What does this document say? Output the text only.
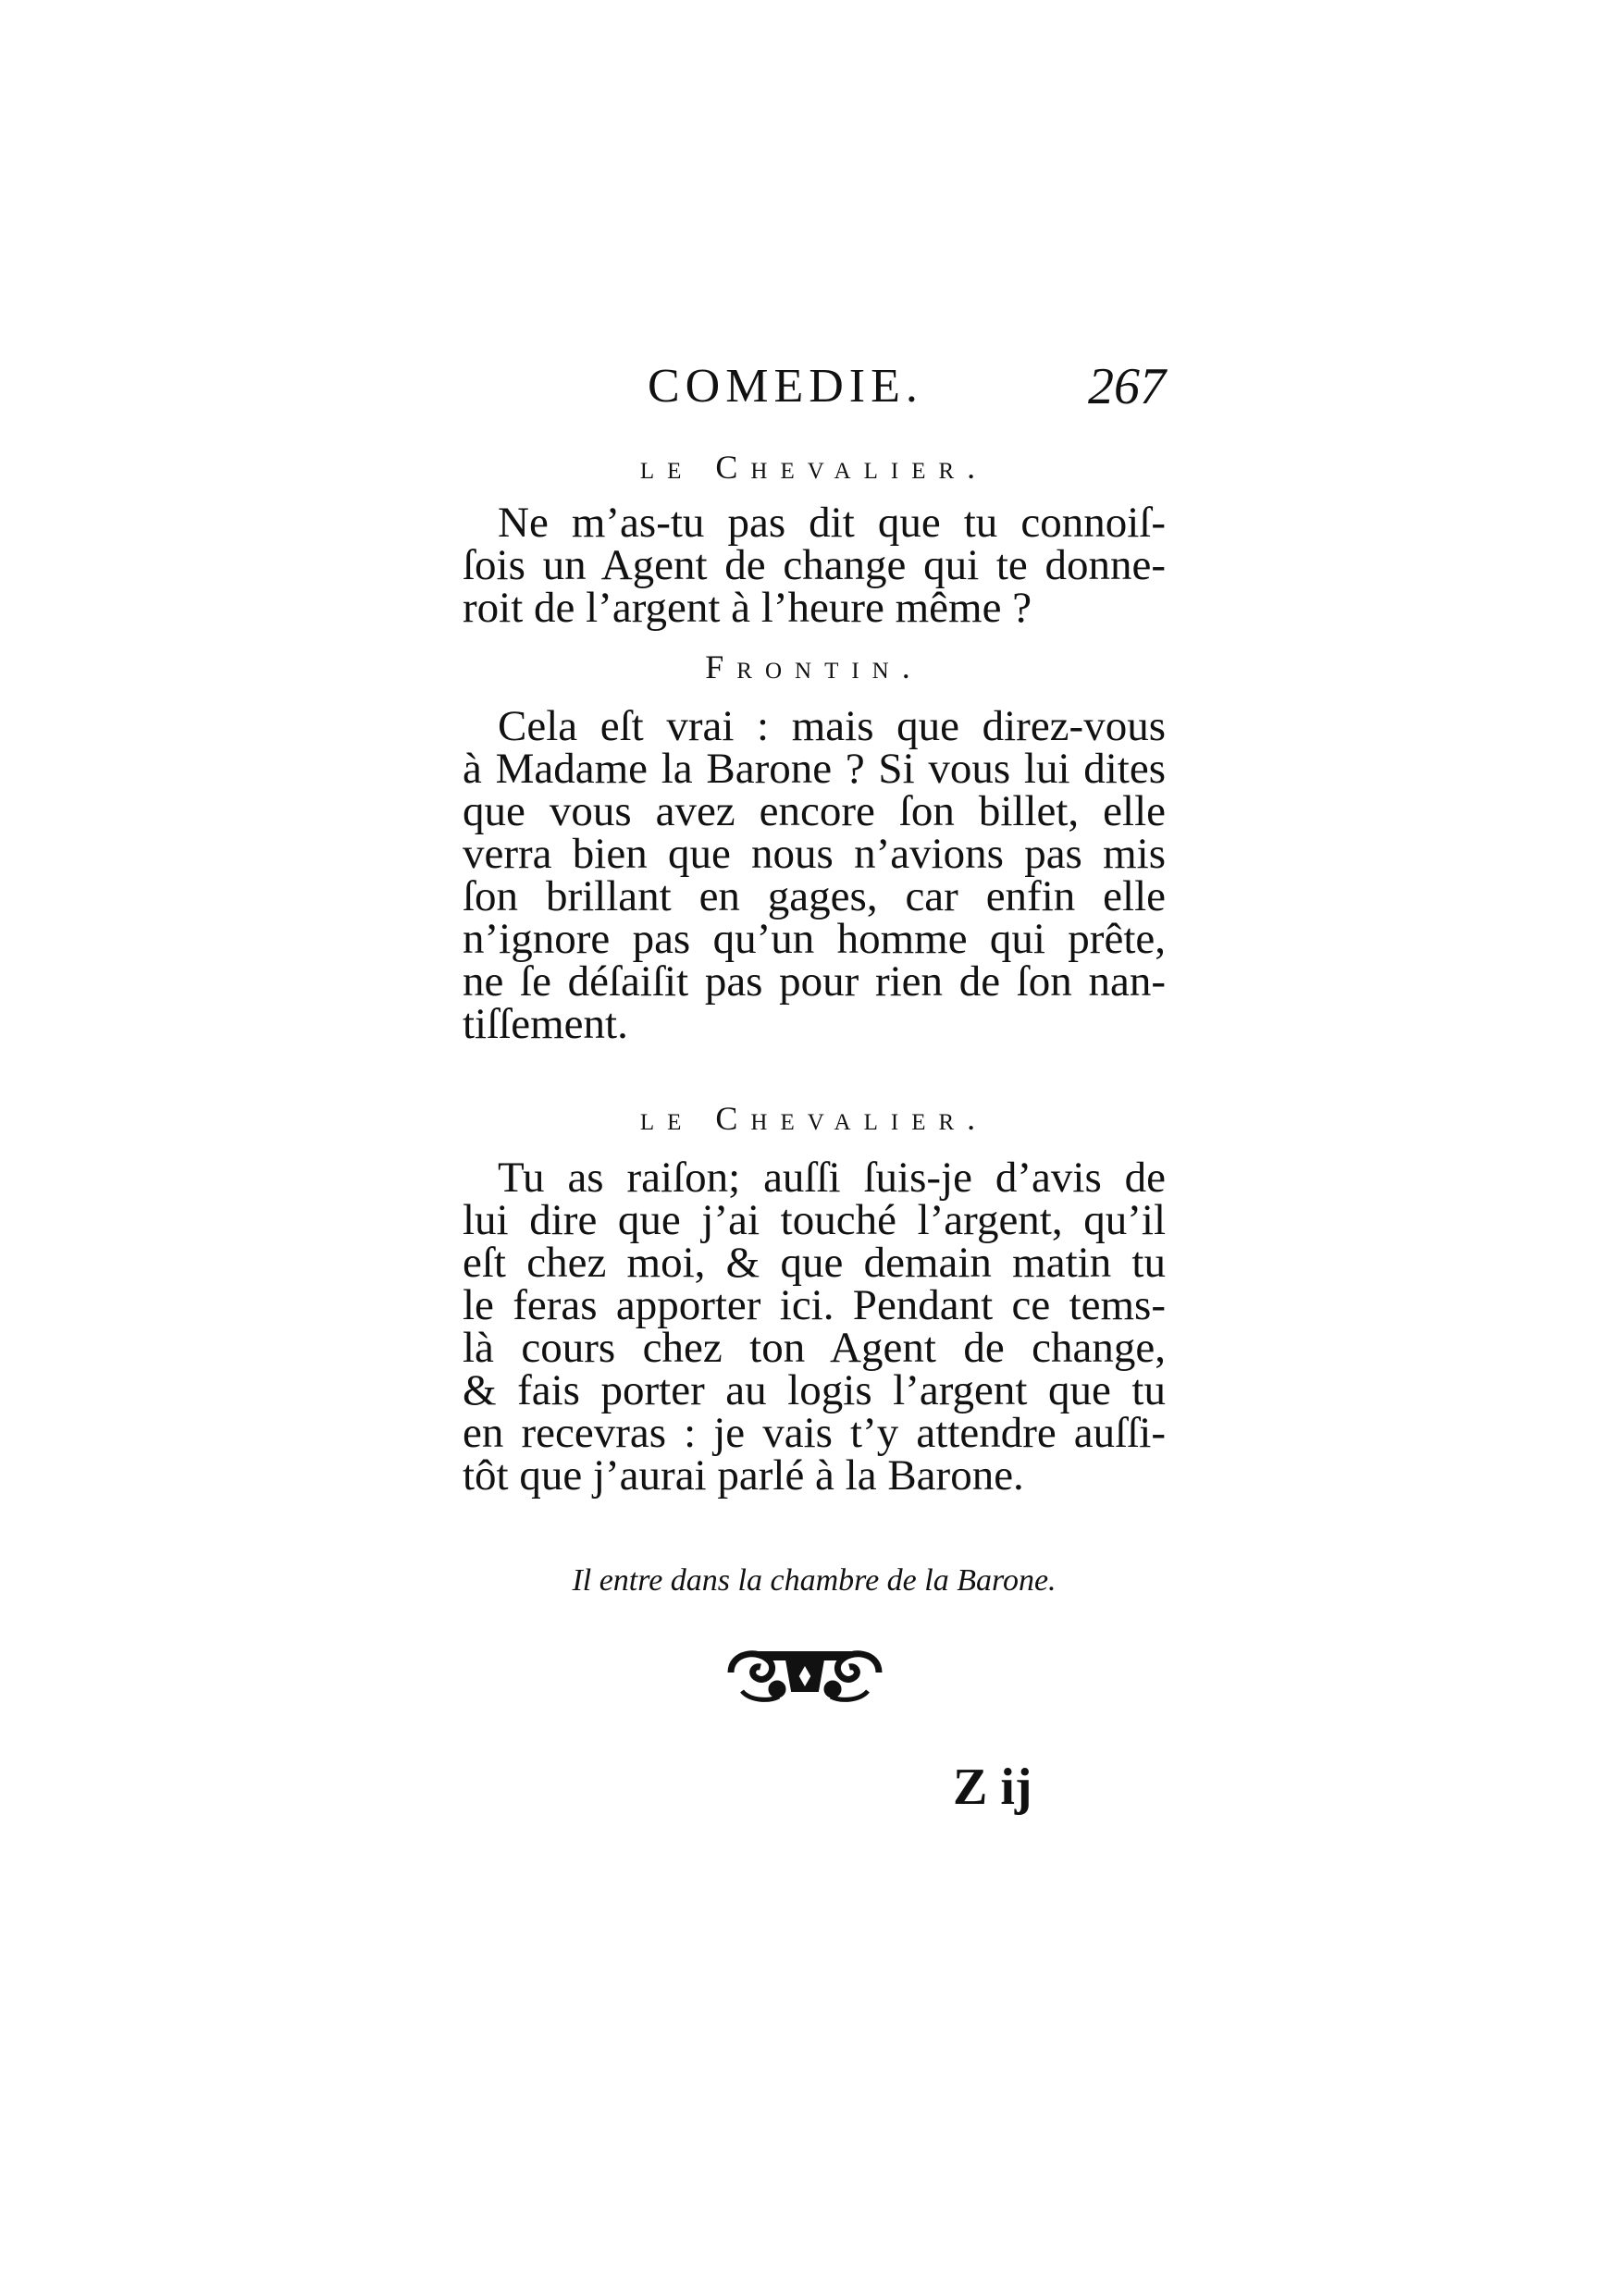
COMEDIE.	267
le Chevalier.
Ne m’as-tu pas dit que tu connoiſ-
ſois un Agent de change qui te donne-
roit de l’argent à l’heure même ?
Frontin.
Cela eſt vrai : mais que direz-vous
à Madame la Barone ? Si vous lui dites
que vous avez encore ſon billet, elle
verra bien que nous n’avions pas mis
ſon brillant en gages, car enfin elle
n’ignore pas qu’un homme qui prête,
ne ſe déſaiſit pas pour rien de ſon nan-
tiſſement.
le Chevalier.
Tu as raiſon; auſſi ſuis-je d’avis de
lui dire que j’ai touché l’argent, qu’il
eſt chez moi, & que demain matin tu
le feras apporter ici. Pendant ce tems-
là cours chez ton Agent de change,
& fais porter au logis l’argent que tu
en recevras : je vais t’y attendre auſſi-
tôt que j’aurai parlé à la Barone.
Il entre dans la chambre de la Barone.
Z ij
